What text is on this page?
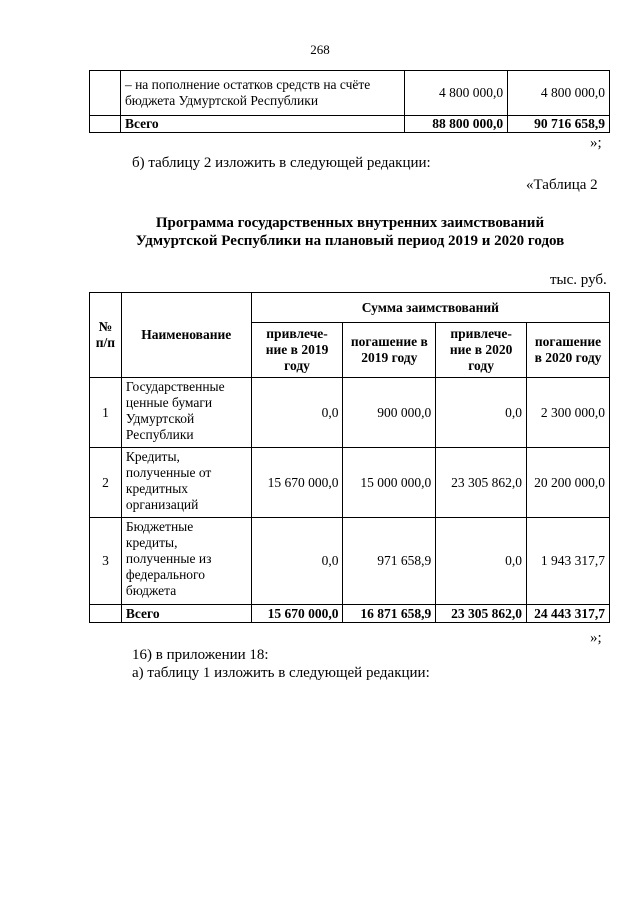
268
	– на пополнение остатков средств на счёте бюджета Удмуртской Республики	4 800 000,0	4 800 000,0
	Всего	88 800 000,0	90 716 658,9
»;
б) таблицу 2 изложить в следующей редакции:
«Таблица 2
Программа государственных внутренних заимствований
Удмуртской Республики на плановый период 2019 и 2020 годов
тыс. руб.
№ п/п	Наименование	Сумма заимствований			
		привлече-ние в 2019 году	погашение в 2019 году	привлече-ние в 2020 году	погашение в 2020 году
1	Государственные ценные бумаги Удмуртской Республики	0,0	900 000,0	0,0	2 300 000,0
2	Кредиты, полученные от кредитных организаций	15 670 000,0	15 000 000,0	23 305 862,0	20 200 000,0
3	Бюджетные кредиты, полученные из федерального бюджета	0,0	971 658,9	0,0	1 943 317,7
	Всего	15 670 000,0	16 871 658,9	23 305 862,0	24 443 317,7
»;
16) в приложении 18:
а) таблицу 1 изложить в следующей редакции:
